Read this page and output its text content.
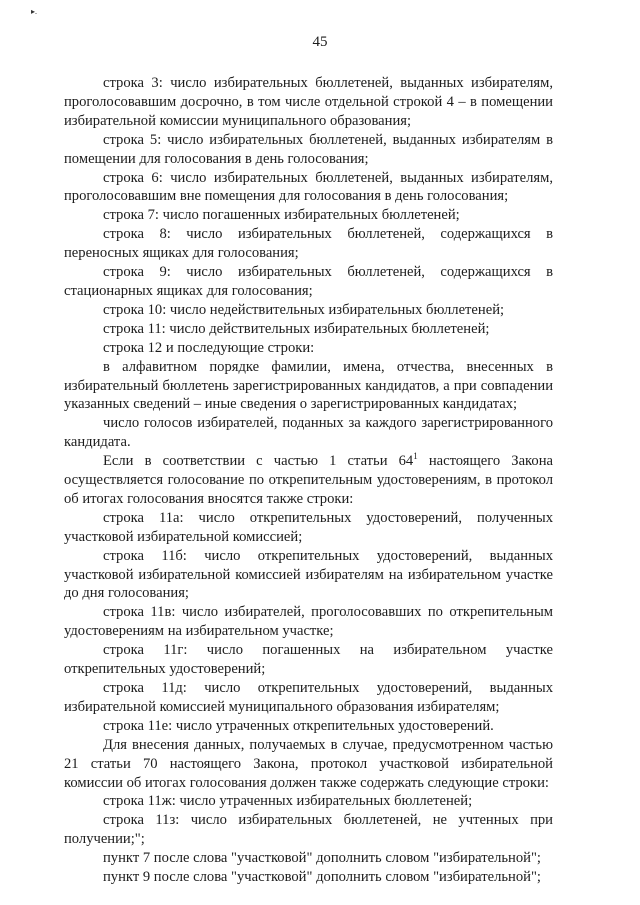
▸.
45

строка 3: число избирательных бюллетеней, выданных избирателям, проголосовавшим досрочно, в том числе отдельной строкой 4 – в помещении избирательной комиссии муниципального образования;

строка 5: число избирательных бюллетеней, выданных избирателям в помещении для голосования в день голосования;

строка 6: число избирательных бюллетеней, выданных избирателям, проголосовавшим вне помещения для голосования в день голосования;

строка 7: число погашенных избирательных бюллетеней;

строка 8: число избирательных бюллетеней, содержащихся в переносных ящиках для голосования;

строка 9: число избирательных бюллетеней, содержащихся в стационарных ящиках для голосования;

строка 10: число недействительных избирательных бюллетеней;

строка 11: число действительных избирательных бюллетеней;

строка 12 и последующие строки:

в алфавитном порядке фамилии, имена, отчества, внесенных в избирательный бюллетень зарегистрированных кандидатов, а при совпадении указанных сведений – иные сведения о зарегистрированных кандидатах;

число голосов избирателей, поданных за каждого зарегистрированного кандидата.

Если в соответствии с частью 1 статьи $64^1$ настоящего Закона осуществляется голосование по открепительным удостоверениям, в протокол об итогах голосования вносятся также строки:

строка 11а: число открепительных удостоверений, полученных участковой избирательной комиссией;

строка 11б: число открепительных удостоверений, выданных участковой избирательной комиссией избирателям на избирательном участке до дня голосования;

строка 11в: число избирателей, проголосовавших по открепительным удостоверениям на избирательном участке;

строка 11г: число погашенных на избирательном участке открепительных удостоверений;

строка 11д: число открепительных удостоверений, выданных избирательной комиссией муниципального образования избирателям;

строка 11е: число утраченных открепительных удостоверений.

Для внесения данных, получаемых в случае, предусмотренном частью 21 статьи 70 настоящего Закона, протокол участковой избирательной комиссии об итогах голосования должен также содержать следующие строки:

строка 11ж: число утраченных избирательных бюллетеней;

строка 11з: число избирательных бюллетеней, не учтенных при получении;";

пункт 7 после слова "участковой" дополнить словом "избирательной";

пункт 9 после слова "участковой" дополнить словом "избирательной";
